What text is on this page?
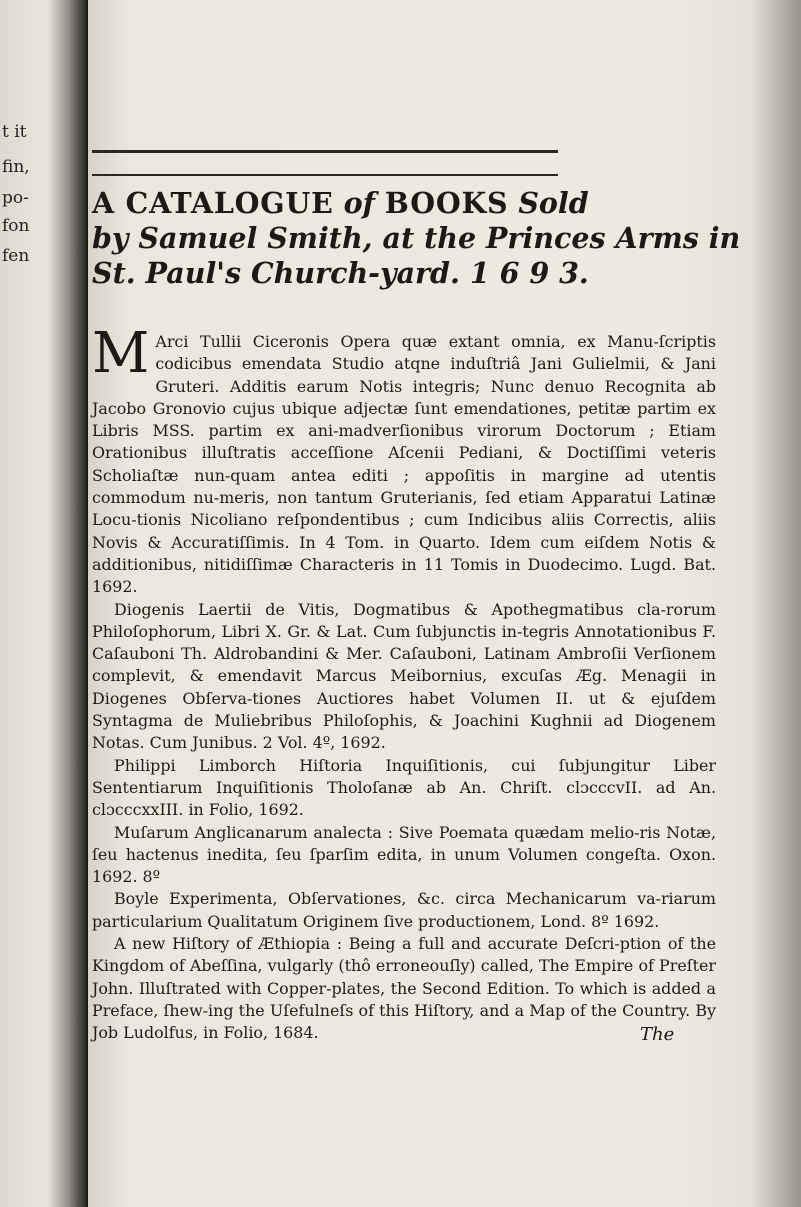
t it
fin,
po-
fon
fen
A CATALOGUE of BOOKS Sold
by Samuel Smith, at the Princes Arms in
St. Paul's Church-yard. 1 6 9 3.

M Arci Tullii Ciceronis Opera quæ extant omnia, ex Manu-ſcriptis codicibus emendata Studio atqne induſtriâ Jani Gulielmii, & Jani Gruteri. Additis earum Notis integris; Nunc denuo Recognita ab Jacobo Gronovio cujus ubique adjectæ ſunt emendationes, petitæ partim ex Libris MSS. partim ex ani-madverſionibus virorum Doctorum ; Etiam Orationibus illuſtratis acceſſione Aſcenii Pediani, & Doctiſſimi veteris Scholiaſtæ nun-quam antea editi ; appoſitis in margine ad utentis commodum nu-meris, non tantum Gruterianis, ſed etiam Apparatui Latinæ Locu-tionis Nicoliano reſpondentibus ; cum Indicibus aliis Correctis, aliis Novis & Accuratiſſimis. In 4 Tom. in Quarto. Idem cum eiſdem Notis & additionibus, nitidiſſimæ Characteris in 11 Tomis in Duodecimo. Lugd. Bat. 1692.

Diogenis Laertii de Vitis, Dogmatibus & Apothegmatibus cla-rorum Philoſophorum, Libri X. Gr. & Lat. Cum ſubjunctis in-tegris Annotationibus F. Caſauboni Th. Aldrobandini & Mer. Caſauboni, Latinam Ambroſii Verſionem complevit, & emendavit Marcus Meibornius, excuſas Æg. Menagii in Diogenes Obſerva-tiones Auctiores habet Volumen II. ut & ejuſdem Syntagma de Muliebribus Philoſophis, & Joachini Kughnii ad Diogenem Notas. Cum Junibus. 2 Vol. 4º, 1692.

Philippi Limborch Hiſtoria Inquiſitionis, cui ſubjungitur Liber Sententiarum Inquiſitionis Tholoſanæ ab An. Chriſt. clɔcccvII. ad An. clɔcccxxIII. in Folio, 1692.

Muſarum Anglicanarum analecta : Sive Poemata quædam melio-ris Notæ, ſeu hactenus inedita, ſeu ſparſim edita, in unum Volumen congeſta. Oxon. 1692. 8º

Boyle Experimenta, Obſervationes, &c. circa Mechanicarum va-riarum particularium Qualitatum Originem ſive productionem, Lond. 8º 1692.

A new Hiſtory of Æthiopia : Being a full and accurate Deſcri-ption of the Kingdom of Abeſſina, vulgarly (thô erroneouſly) called, The Empire of Preſter John. Illuſtrated with Copper-plates, the Second Edition. To which is added a Preface, ſhew-ing the Uſefulneſs of this Hiſtory, and a Map of the Country. By Job Ludolfus, in Folio, 1684.	The
